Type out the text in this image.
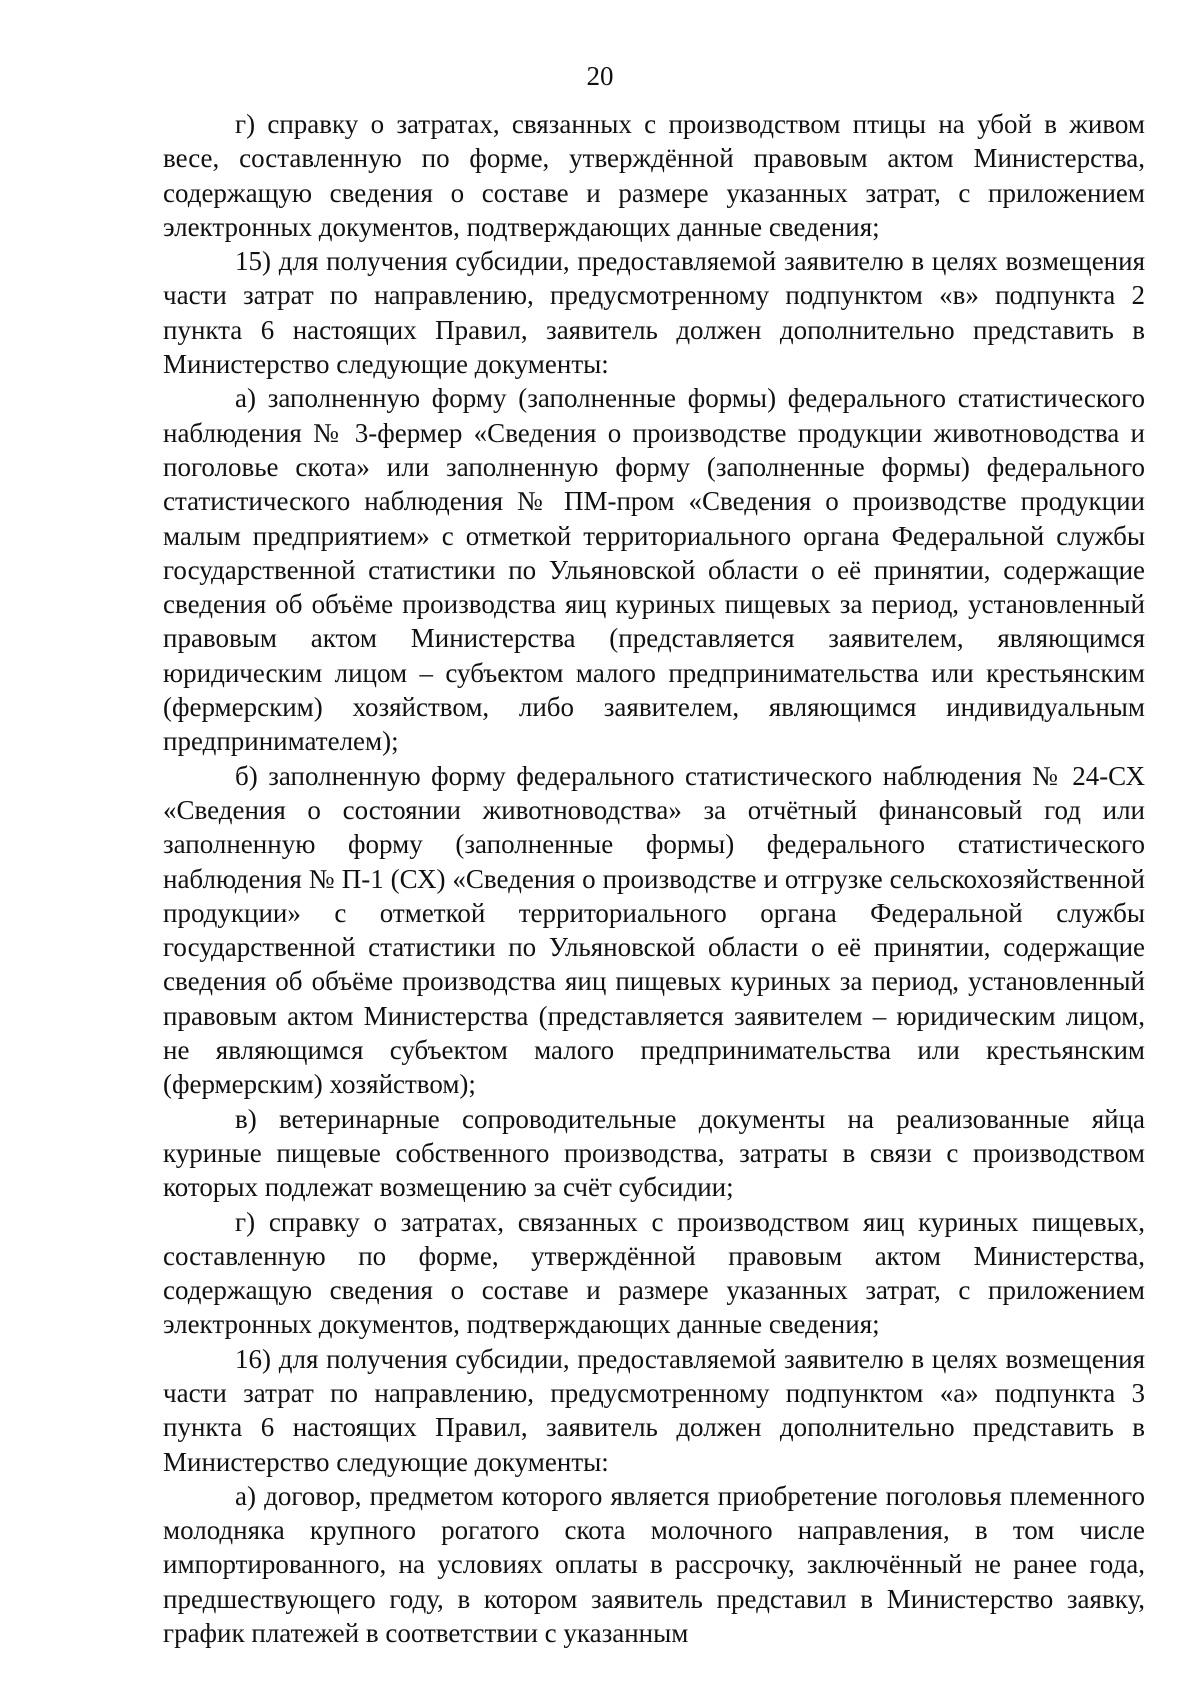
20

г) справку о затратах, связанных с производством птицы на убой в живом весе, составленную по форме, утверждённой правовым актом Министерства, содержащую сведения о составе и размере указанных затрат, с приложением электронных документов, подтверждающих данные сведения;

15) для получения субсидии, предоставляемой заявителю в целях возмещения части затрат по направлению, предусмотренному подпунктом «в» подпункта 2 пункта 6 настоящих Правил, заявитель должен дополнительно представить в Министерство следующие документы:

а) заполненную форму (заполненные формы) федерального статистического наблюдения № 3-фермер «Сведения о производстве продукции животноводства и поголовье скота» или заполненную форму (заполненные формы) федерального статистического наблюдения № ПМ-пром «Сведения о производстве продукции малым предприятием» с отметкой территориального органа Федеральной службы государственной статистики по Ульяновской области о её принятии, содержащие сведения об объёме производства яиц куриных пищевых за период, установленный правовым актом Министерства (представляется заявителем, являющимся юридическим лицом – субъектом малого предпринимательства или крестьянским (фермерским) хозяйством, либо заявителем, являющимся индивидуальным предпринимателем);

б) заполненную форму федерального статистического наблюдения № 24-СХ «Сведения о состоянии животноводства» за отчётный финансовый год или заполненную форму (заполненные формы) федерального статистического наблюдения № П-1 (СХ) «Сведения о производстве и отгрузке сельскохозяйственной продукции» с отметкой территориального органа Федеральной службы государственной статистики по Ульяновской области о её принятии, содержащие сведения об объёме производства яиц пищевых куриных за период, установленный правовым актом Министерства (представляется заявителем – юридическим лицом, не являющимся субъектом малого предпринимательства или крестьянским (фермерским) хозяйством);

в) ветеринарные сопроводительные документы на реализованные яйца куриные пищевые собственного производства, затраты в связи с производством которых подлежат возмещению за счёт субсидии;

г) справку о затратах, связанных с производством яиц куриных пищевых, составленную по форме, утверждённой правовым актом Министерства, содержащую сведения о составе и размере указанных затрат, с приложением электронных документов, подтверждающих данные сведения;

16) для получения субсидии, предоставляемой заявителю в целях возмещения части затрат по направлению, предусмотренному подпунктом «а» подпункта 3 пункта 6 настоящих Правил, заявитель должен дополнительно представить в Министерство следующие документы:

а) договор, предметом которого является приобретение поголовья племенного молодняка крупного рогатого скота молочного направления, в том числе импортированного, на условиях оплаты в рассрочку, заключённый не ранее года, предшествующего году, в котором заявитель представил в Министерство заявку, график платежей в соответствии с указанным
